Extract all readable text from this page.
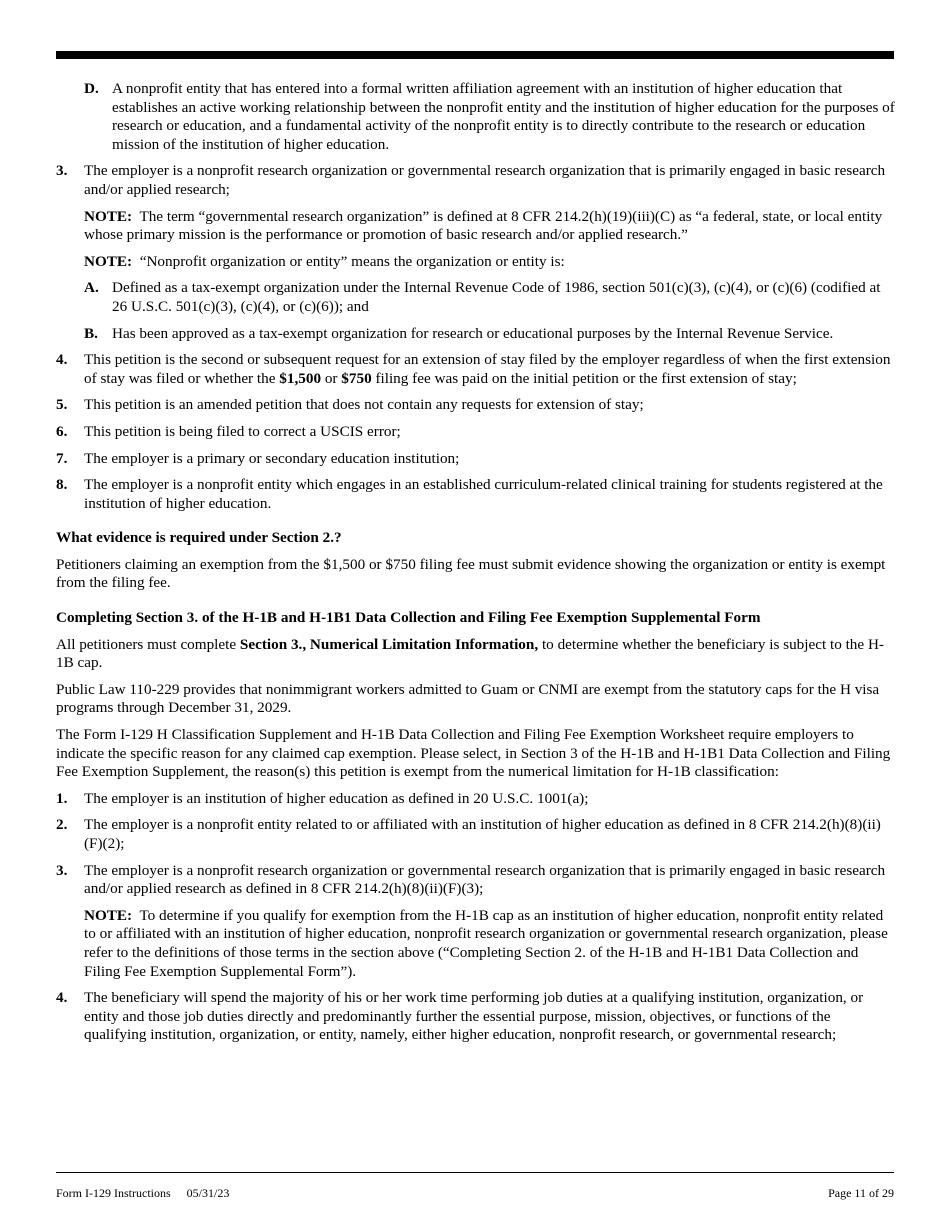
D. A nonprofit entity that has entered into a formal written affiliation agreement with an institution of higher education that establishes an active working relationship between the nonprofit entity and the institution of higher education for the purposes of research or education, and a fundamental activity of the nonprofit entity is to directly contribute to the research or education mission of the institution of higher education.
3. The employer is a nonprofit research organization or governmental research organization that is primarily engaged in basic research and/or applied research;
NOTE: The term “governmental research organization” is defined at 8 CFR 214.2(h)(19)(iii)(C) as “a federal, state, or local entity whose primary mission is the performance or promotion of basic research and/or applied research.”
NOTE: “Nonprofit organization or entity” means the organization or entity is:
A. Defined as a tax-exempt organization under the Internal Revenue Code of 1986, section 501(c)(3), (c)(4), or (c)(6) (codified at 26 U.S.C. 501(c)(3), (c)(4), or (c)(6)); and
B. Has been approved as a tax-exempt organization for research or educational purposes by the Internal Revenue Service.
4. This petition is the second or subsequent request for an extension of stay filed by the employer regardless of when the first extension of stay was filed or whether the $1,500 or $750 filing fee was paid on the initial petition or the first extension of stay;
5. This petition is an amended petition that does not contain any requests for extension of stay;
6. This petition is being filed to correct a USCIS error;
7. The employer is a primary or secondary education institution;
8. The employer is a nonprofit entity which engages in an established curriculum-related clinical training for students registered at the institution of higher education.
What evidence is required under Section 2.?
Petitioners claiming an exemption from the $1,500 or $750 filing fee must submit evidence showing the organization or entity is exempt from the filing fee.
Completing Section 3. of the H-1B and H-1B1 Data Collection and Filing Fee Exemption Supplemental Form
All petitioners must complete Section 3., Numerical Limitation Information, to determine whether the beneficiary is subject to the H-1B cap.
Public Law 110-229 provides that nonimmigrant workers admitted to Guam or CNMI are exempt from the statutory caps for the H visa programs through December 31, 2029.
The Form I-129 H Classification Supplement and H-1B Data Collection and Filing Fee Exemption Worksheet require employers to indicate the specific reason for any claimed cap exemption. Please select, in Section 3 of the H-1B and H-1B1 Data Collection and Filing Fee Exemption Supplement, the reason(s) this petition is exempt from the numerical limitation for H-1B classification:
1. The employer is an institution of higher education as defined in 20 U.S.C. 1001(a);
2. The employer is a nonprofit entity related to or affiliated with an institution of higher education as defined in 8 CFR 214.2(h)(8)(ii)(F)(2);
3. The employer is a nonprofit research organization or governmental research organization that is primarily engaged in basic research and/or applied research as defined in 8 CFR 214.2(h)(8)(ii)(F)(3);
NOTE: To determine if you qualify for exemption from the H-1B cap as an institution of higher education, nonprofit entity related to or affiliated with an institution of higher education, nonprofit research organization or governmental research organization, please refer to the definitions of those terms in the section above (“Completing Section 2. of the H-1B and H-1B1 Data Collection and Filing Fee Exemption Supplemental Form”).
4. The beneficiary will spend the majority of his or her work time performing job duties at a qualifying institution, organization, or entity and those job duties directly and predominantly further the essential purpose, mission, objectives, or functions of the qualifying institution, organization, or entity, namely, either higher education, nonprofit research, or governmental research;
Form I-129 Instructions 05/31/23	Page 11 of 29
